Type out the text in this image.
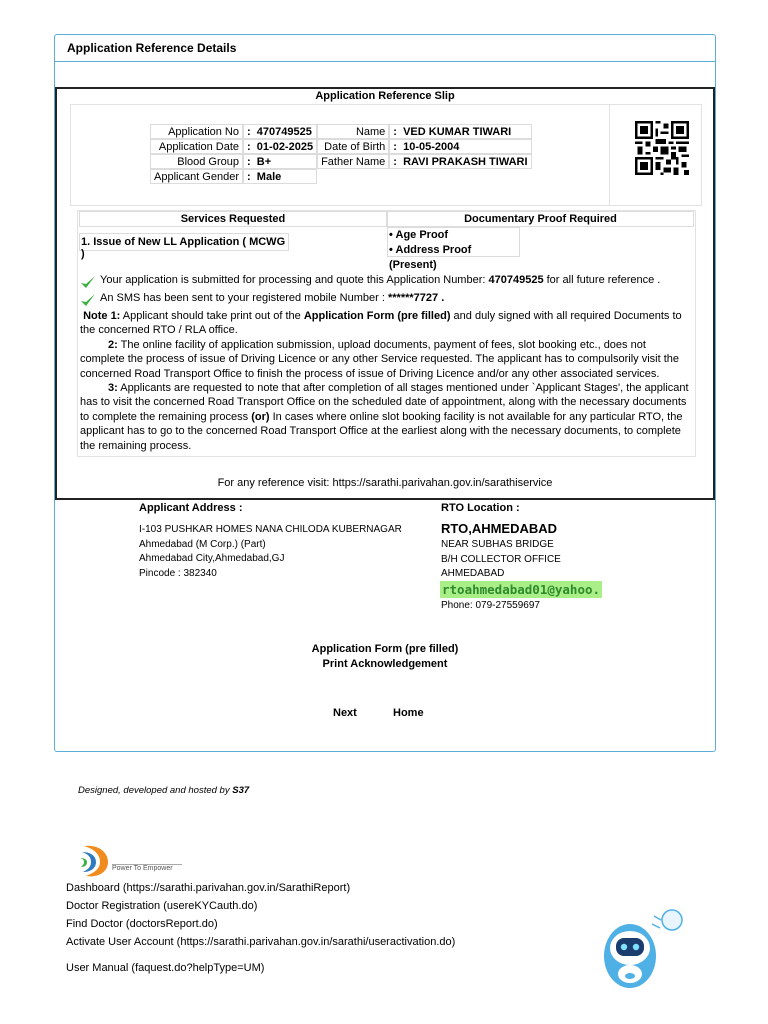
Application Reference Details
Application Reference Slip
Application No	: 470749525	Name	: VED KUMAR TIWARI
Application Date	: 01-02-2025	Date of Birth	: 10-05-2004
Blood Group	: B+	Father Name	: RAVI PRAKASH TIWARI
Applicant Gender	: Male		
Services Requested	Documentary Proof Required
1. Issue of New LL Application ( MCWG )
• Age Proof
• Address Proof (Present)
Your application is submitted for processing and quote this Application Number: 470749525 for all future reference .
An SMS has been sent to your registered mobile Number : ******7727 .
Note 1: Applicant should take print out of the Application Form (pre filled) and duly signed with all required Documents to the concerned RTO / RLA office.
2: The online facility of application submission, upload documents, payment of fees, slot booking etc., does not complete the process of issue of Driving Licence or any other Service requested. The applicant has to compulsorily visit the concerned Road Transport Office to finish the process of issue of Driving Licence and/or any other associated services.
3: Applicants are requested to note that after completion of all stages mentioned under `Applicant Stages', the applicant has to visit the concerned Road Transport Office on the scheduled date of appointment, along with the necessary documents to complete the remaining process (or) In cases where online slot booking facility is not available for any particular RTO, the applicant has to go to the concerned Road Transport Office at the earliest along with the necessary documents, to complete the remaining process.
For any reference visit: https://sarathi.parivahan.gov.in/sarathiservice
Applicant Address :
I-103 PUSHKAR HOMES NANA CHILODA KUBERNAGAR
Ahmedabad (M Corp.) (Part)
Ahmedabad City,Ahmedabad,GJ
Pincode : 382340
RTO Location :
RTO,AHMEDABAD
NEAR SUBHAS BRIDGE
B/H COLLECTOR OFFICE
AHMEDABAD
rtoahmedabad01@yahoo.
Phone: 079-27559697
Application Form (pre filled)
Print Acknowledgement
Next	Home
Designed, developed and hosted by S37
Power To Empower
Dashboard (https://sarathi.parivahan.gov.in/SarathiReport)
Doctor Registration (usereKYCauth.do)
Find Doctor (doctorsReport.do)
Activate User Account (https://sarathi.parivahan.gov.in/sarathi/useractivation.do)
User Manual (faquest.do?helpType=UM)
